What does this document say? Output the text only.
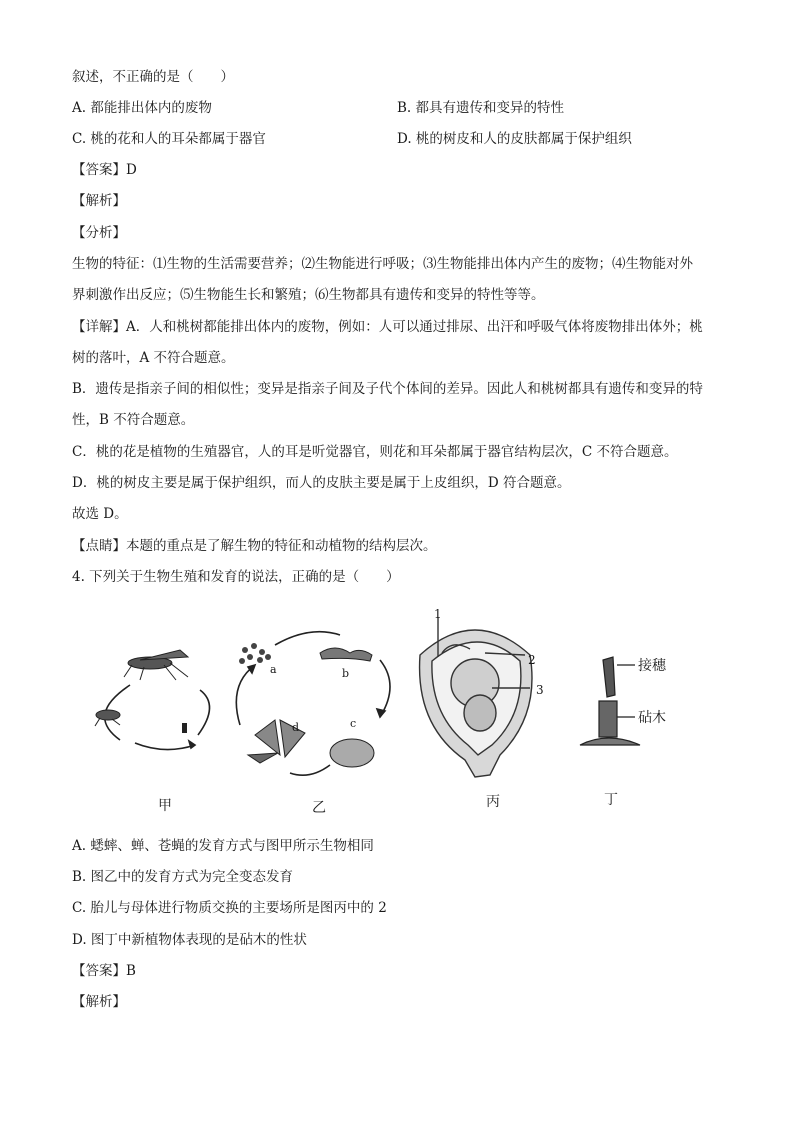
叙述，不正确的是（　　）
A. 都能排出体内的废物	B. 都具有遗传和变异的特性
C. 桃的花和人的耳朵都属于器官	D. 桃的树皮和人的皮肤都属于保护组织
【答案】D
【解析】
【分析】
生物的特征：⑴生物的生活需要营养；⑵生物能进行呼吸；⑶生物能排出体内产生的废物；⑷生物能对外
界刺激作出反应；⑸生物能生长和繁殖；⑹生物都具有遗传和变异的特性等等。
【详解】A．人和桃树都能排出体内的废物，例如：人可以通过排尿、出汗和呼吸气体将废物排出体外；桃
树的落叶，A 不符合题意。
B．遗传是指亲子间的相似性；变异是指亲子间及子代个体间的差异。因此人和桃树都具有遗传和变异的特
性，B 不符合题意。
C．桃的花是植物的生殖器官，人的耳是听觉器官，则花和耳朵都属于器官结构层次，C 不符合题意。
D．桃的树皮主要是属于保护组织，而人的皮肤主要是属于上皮组织，D 符合题意。
故选 D。
【点睛】本题的重点是了解生物的特征和动植物的结构层次。
4. 下列关于生物生殖和发育的说法，正确的是（　　）
甲	乙	丙	丁
a	b
c
d
1
2
3
接穗
砧木
A. 蟋蟀、蝉、苍蝇的发育方式与图甲所示生物相同
B. 图乙中的发育方式为完全变态发育
C. 胎儿与母体进行物质交换的主要场所是图丙中的 2
D. 图丁中新植物体表现的是砧木的性状
【答案】B
【解析】
